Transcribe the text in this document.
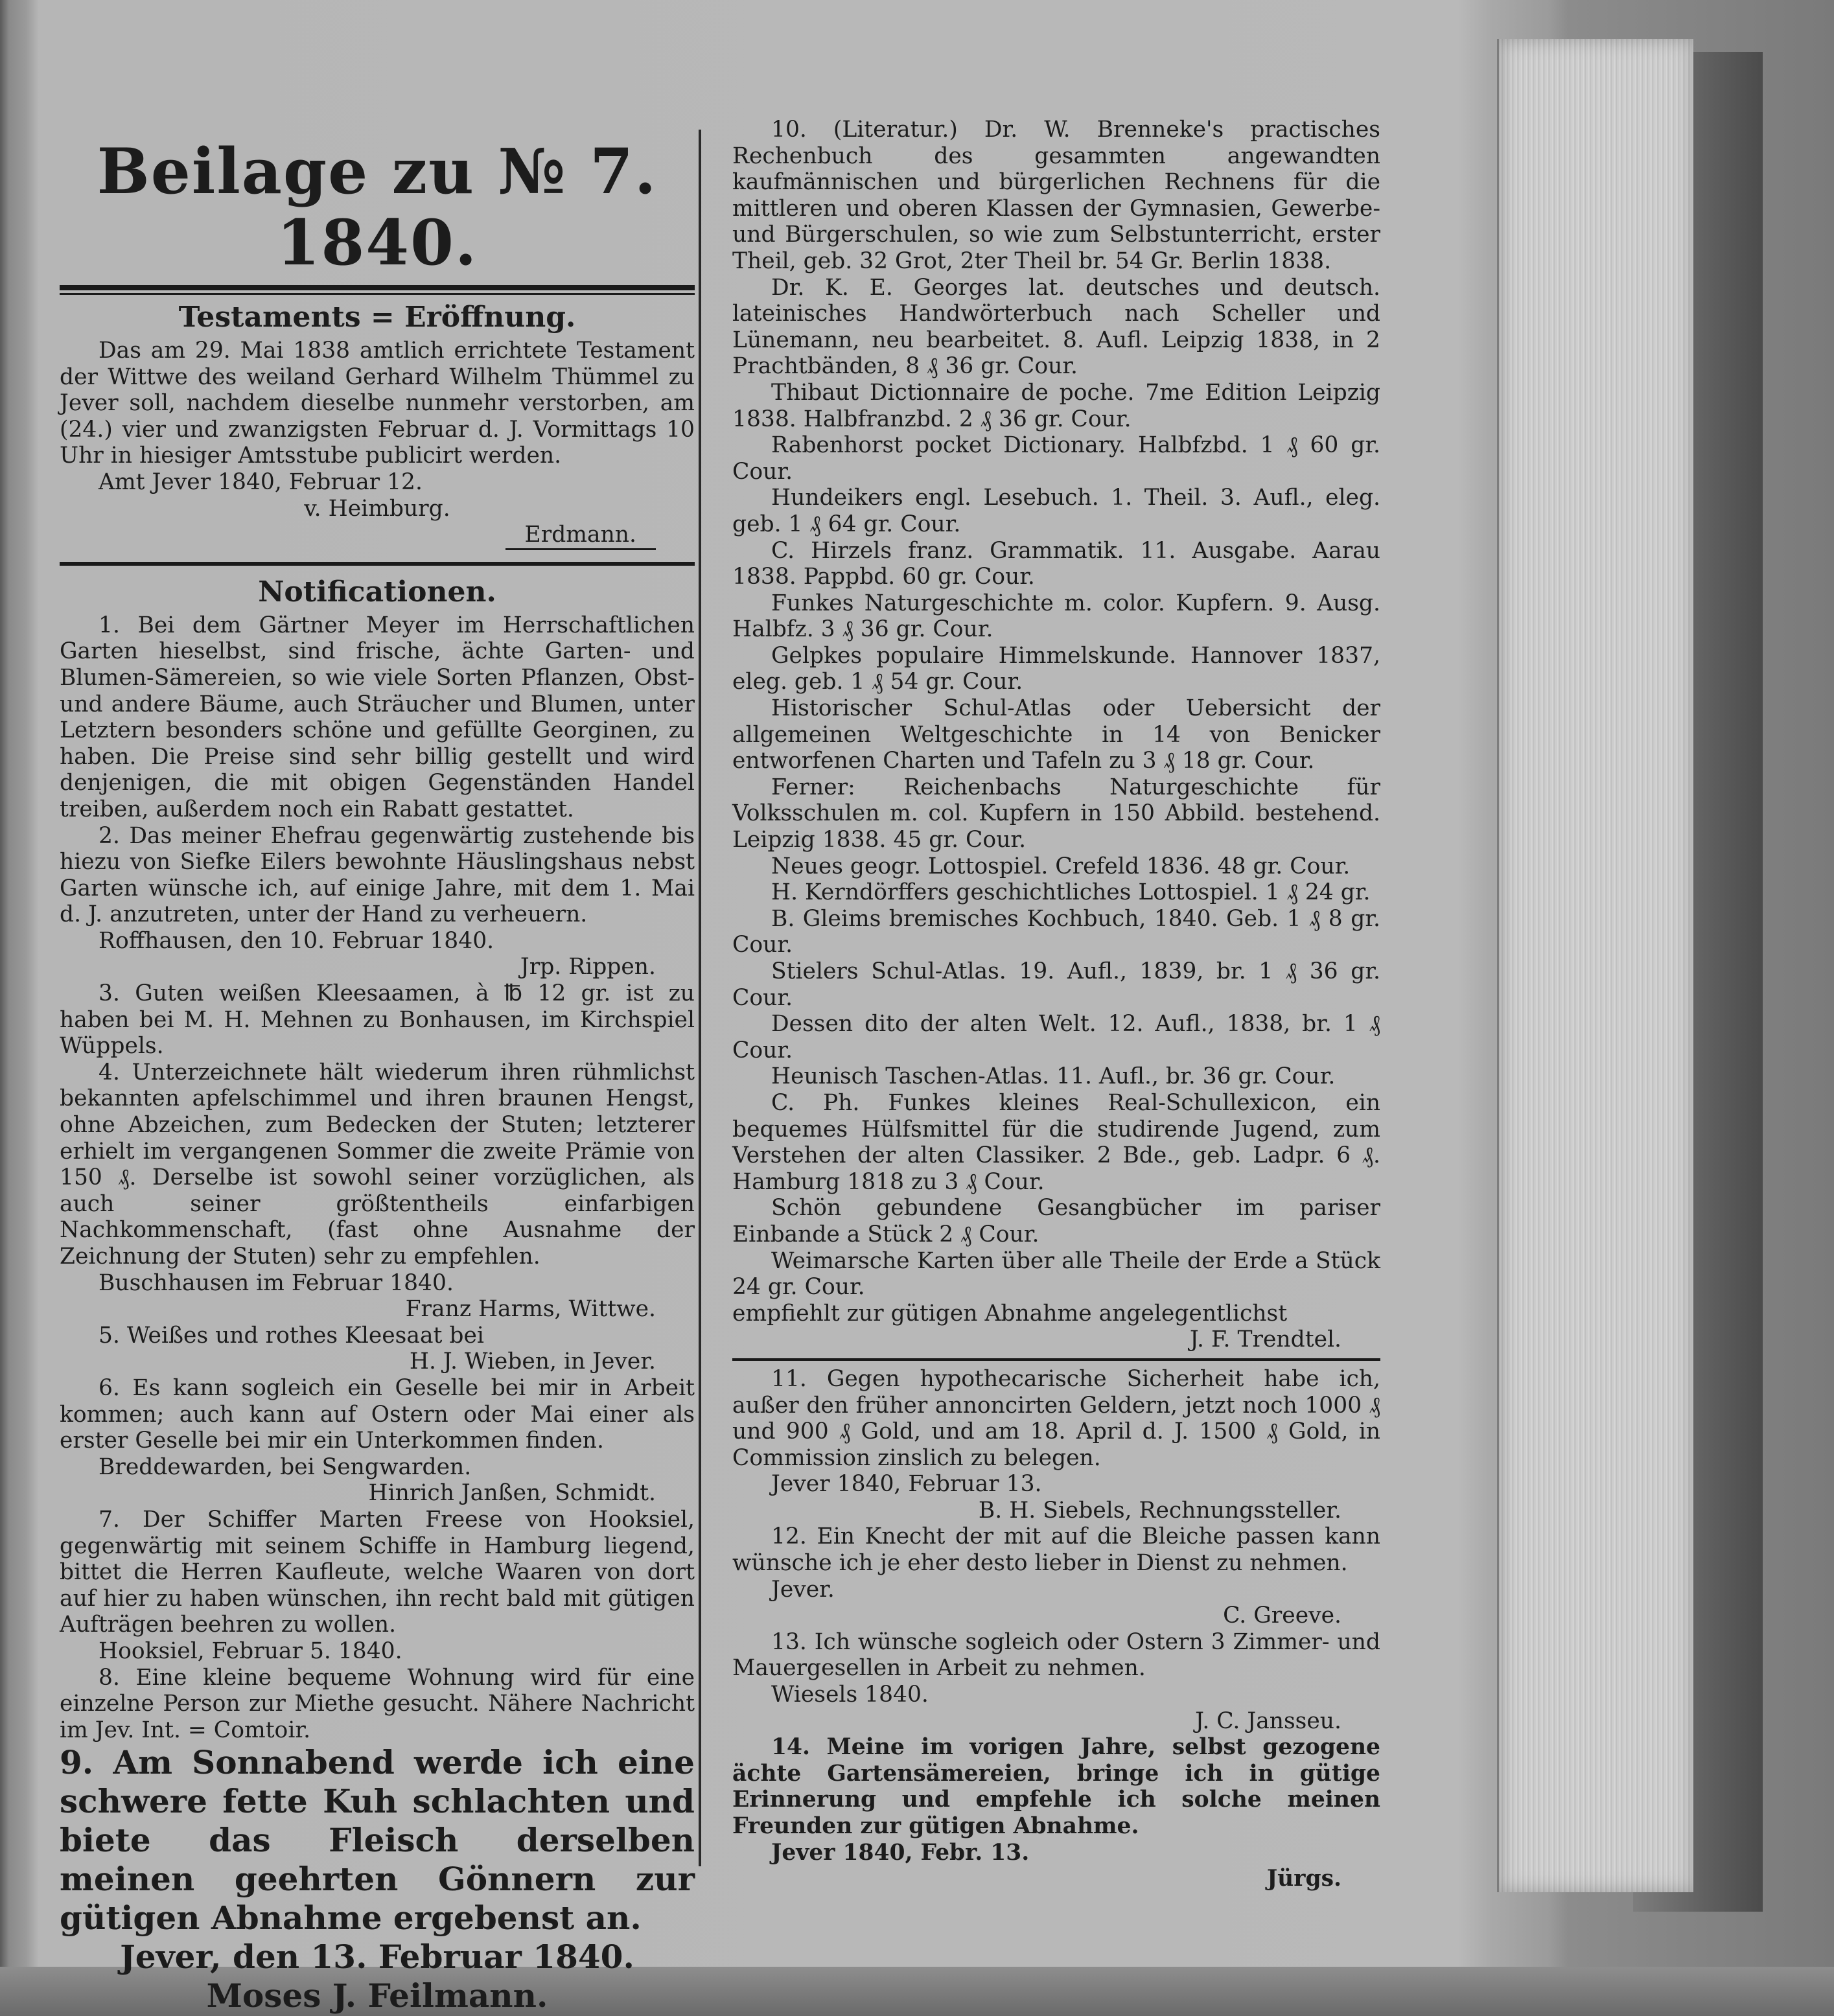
Beilage zu № 7. 1840.
Testaments = Eröffnung.

Das am 29. Mai 1838 amtlich errichtete Testament der Wittwe des weiland Gerhard Wilhelm Thümmel zu Jever soll, nachdem dieselbe nunmehr verstorben, am (24.) vier und zwanzigsten Februar d. J. Vormittags 10 Uhr in hiesiger Amtsstube publicirt werden.

Amt Jever 1840, Februar 12.

v. Heimburg.
Erdmann.
Notificationen.

1. Bei dem Gärtner Meyer im Herrschaftlichen Garten hieselbst, sind frische, ächte Garten- und Blumen-Sämereien, so wie viele Sorten Pflanzen, Obst- und andere Bäume, auch Sträucher und Blumen, unter Letztern besonders schöne und gefüllte Georginen, zu haben. Die Preise sind sehr billig gestellt und wird denjenigen, die mit obigen Gegenständen Handel treiben, außerdem noch ein Rabatt gestattet.

2. Das meiner Ehefrau gegenwärtig zustehende bis hiezu von Siefke Eilers bewohnte Häuslingshaus nebst Garten wünsche ich, auf einige Jahre, mit dem 1. Mai d. J. anzutreten, unter der Hand zu verheuern.

Roffhausen, den 10. Februar 1840.

Jrp. Rippen.

3. Guten weißen Kleesaamen, à ℔ 12 gr. ist zu haben bei M. H. Mehnen zu Bonhausen, im Kirchspiel Wüppels.

4. Unterzeichnete hält wiederum ihren rühmlichst bekannten apfelschimmel und ihren braunen Hengst, ohne Abzeichen, zum Bedecken der Stuten; letzterer erhielt im vergangenen Sommer die zweite Prämie von 150 ₰. Derselbe ist sowohl seiner vorzüglichen, als auch seiner größtentheils einfarbigen Nachkommenschaft, (fast ohne Ausnahme der Zeichnung der Stuten) sehr zu empfehlen.

Buschhausen im Februar 1840.

Franz Harms, Wittwe.

5. Weißes und rothes Kleesaat bei

H. J. Wieben, in Jever.

6. Es kann sogleich ein Geselle bei mir in Arbeit kommen; auch kann auf Ostern oder Mai einer als erster Geselle bei mir ein Unterkommen finden.

Breddewarden, bei Sengwarden.

Hinrich Janßen, Schmidt.

7. Der Schiffer Marten Freese von Hooksiel, gegenwärtig mit seinem Schiffe in Hamburg liegend, bittet die Herren Kaufleute, welche Waaren von dort auf hier zu haben wünschen, ihn recht bald mit gütigen Aufträgen beehren zu wollen.

Hooksiel, Februar 5. 1840.

8. Eine kleine bequeme Wohnung wird für eine einzelne Person zur Miethe gesucht. Nähere Nachricht im Jev. Int. = Comtoir.

9. Am Sonnabend werde ich eine schwere fette Kuh schlachten und biete das Fleisch derselben meinen geehrten Gönnern zur gütigen Abnahme ergebenst an.

Jever, den 13. Februar 1840.

Moses J. Feilmann.

10. (Literatur.) Dr. W. Brenneke's practisches Rechenbuch des gesammten angewandten kaufmännischen und bürgerlichen Rechnens für die mittleren und oberen Klassen der Gymnasien, Gewerbe- und Bürgerschulen, so wie zum Selbstunterricht, erster Theil, geb. 32 Grot, 2ter Theil br. 54 Gr. Berlin 1838.

Dr. K. E. Georges lat. deutsches und deutsch. lateinisches Handwörterbuch nach Scheller und Lünemann, neu bearbeitet. 8. Aufl. Leipzig 1838, in 2 Prachtbänden, 8 ₰ 36 gr. Cour.

Thibaut Dictionnaire de poche. 7me Edition Leipzig 1838. Halbfranzbd. 2 ₰ 36 gr. Cour.

Rabenhorst pocket Dictionary. Halbfzbd. 1 ₰ 60 gr. Cour.

Hundeikers engl. Lesebuch. 1. Theil. 3. Aufl., eleg. geb. 1 ₰ 64 gr. Cour.

C. Hirzels franz. Grammatik. 11. Ausgabe. Aarau 1838. Pappbd. 60 gr. Cour.

Funkes Naturgeschichte m. color. Kupfern. 9. Ausg. Halbfz. 3 ₰ 36 gr. Cour.

Gelpkes populaire Himmelskunde. Hannover 1837, eleg. geb. 1 ₰ 54 gr. Cour.

Historischer Schul-Atlas oder Uebersicht der allgemeinen Weltgeschichte in 14 von Benicker entworfenen Charten und Tafeln zu 3 ₰ 18 gr. Cour.

Ferner: Reichenbachs Naturgeschichte für Volksschulen m. col. Kupfern in 150 Abbild. bestehend. Leipzig 1838. 45 gr. Cour.

Neues geogr. Lottospiel. Crefeld 1836. 48 gr. Cour.

H. Kerndörffers geschichtliches Lottospiel. 1 ₰ 24 gr.

B. Gleims bremisches Kochbuch, 1840. Geb. 1 ₰ 8 gr. Cour.

Stielers Schul-Atlas. 19. Aufl., 1839, br. 1 ₰ 36 gr. Cour.

Dessen dito der alten Welt. 12. Aufl., 1838, br. 1 ₰ Cour.

Heunisch Taschen-Atlas. 11. Aufl., br. 36 gr. Cour.

C. Ph. Funkes kleines Real-Schullexicon, ein bequemes Hülfsmittel für die studirende Jugend, zum Verstehen der alten Classiker. 2 Bde., geb. Ladpr. 6 ₰. Hamburg 1818 zu 3 ₰ Cour.

Schön gebundene Gesangbücher im pariser Einbande a Stück 2 ₰ Cour.

Weimarsche Karten über alle Theile der Erde a Stück 24 gr. Cour.

empfiehlt zur gütigen Abnahme angelegentlichst

J. F. Trendtel.

11. Gegen hypothecarische Sicherheit habe ich, außer den früher annoncirten Geldern, jetzt noch 1000 ₰ und 900 ₰ Gold, und am 18. April d. J. 1500 ₰ Gold, in Commission zinslich zu belegen.

Jever 1840, Februar 13.

B. H. Siebels, Rechnungssteller.

12. Ein Knecht der mit auf die Bleiche passen kann wünsche ich je eher desto lieber in Dienst zu nehmen.

Jever.

C. Greeve.

13. Ich wünsche sogleich oder Ostern 3 Zimmer- und Mauergesellen in Arbeit zu nehmen.

Wiesels 1840.

J. C. Jansseu.

14. Meine im vorigen Jahre, selbst gezogene ächte Gartensämereien, bringe ich in gütige Erinnerung und empfehle ich solche meinen Freunden zur gütigen Abnahme.

Jever 1840, Febr. 13.

Jürgs.
